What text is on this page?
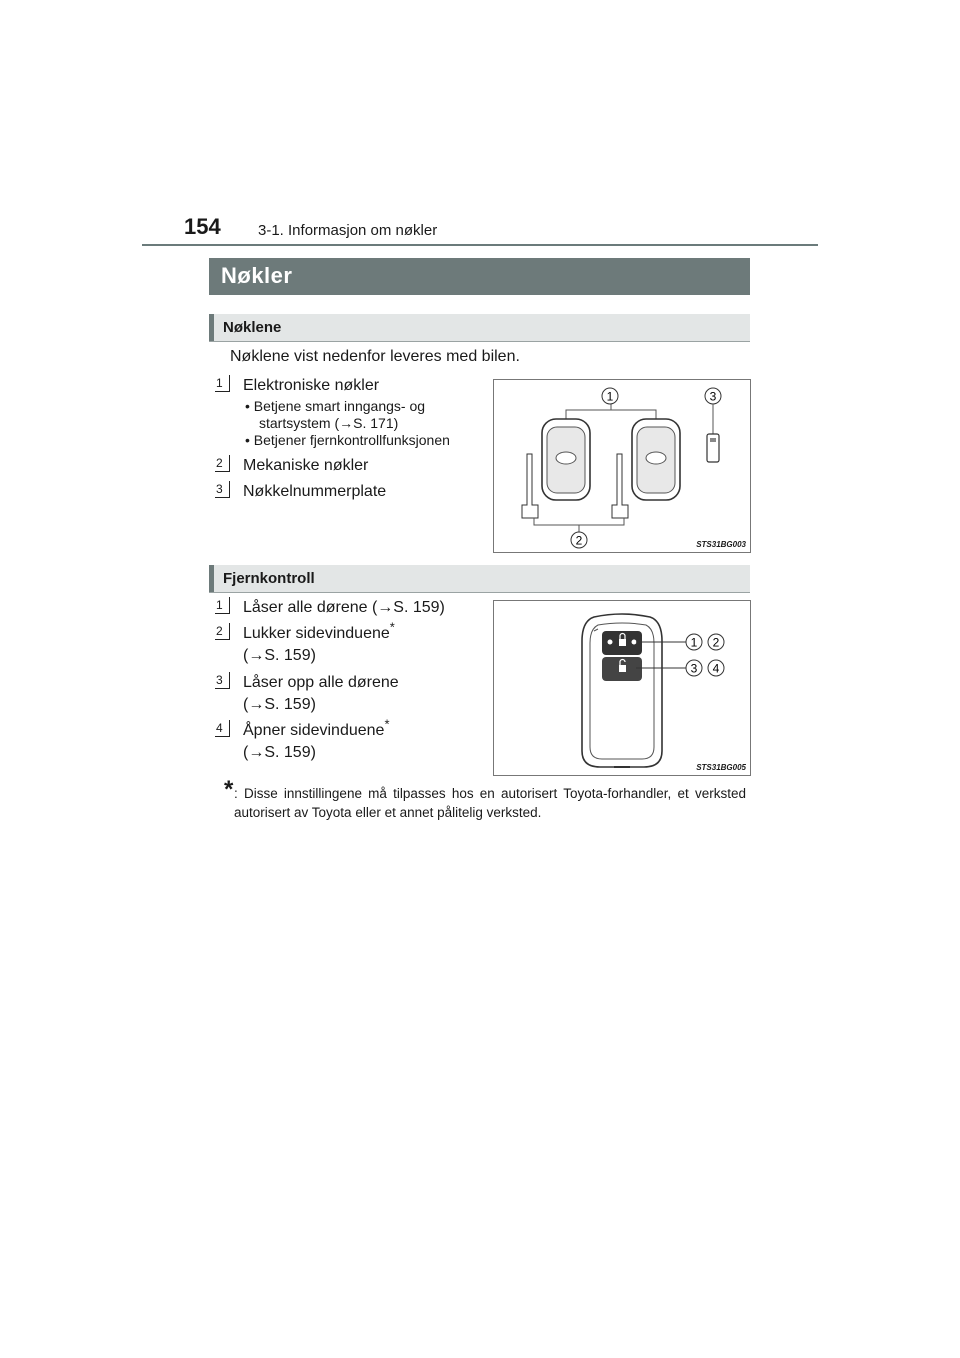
154 3-1. Informasjon om nøkler
Nøkler
Nøklene
Nøklene vist nedenfor leveres med bilen.
1	Elektroniske nøkler
• Betjene smart inngangs- og
startsystem (→S. 171)
• Betjener fjernkontrollfunksjonen
2	Mekaniske nøkler
3	Nøkkelnummerplate
1	3
2	STS31BG003
Fjernkontroll
1	Låser alle dørene (→S. 159)
2	Lukker sidevinduene*
(→S. 159)
3	Låser opp alle dørene
(→S. 159)
4	Åpner sidevinduene*
(→S. 159)
1 2
3 4
STS31BG005
* : Disse innstillingene må tilpasses hos en autorisert Toyota-forhandler, et verksted autorisert av Toyota eller et annet pålitelig verksted.
